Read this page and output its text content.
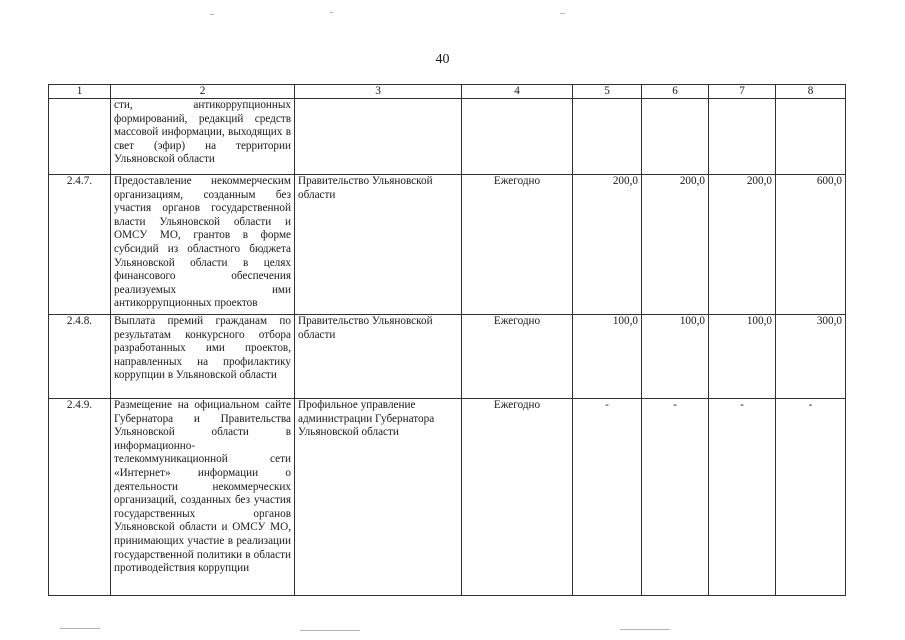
40
1	2	3	4	5	6	7	8
	сти, антикоррупционных формирований, редакций средств массовой информации, выходящих в свет (эфир) на территории Ульяновской области						
2.4.7.	Предоставление некоммерческим организациям, созданным без участия органов государственной власти Ульяновской области и ОМСУ МО, грантов в форме субсидий из областного бюджета Ульяновской области в целях финансового обеспечения реализуемых ими антикоррупционных проектов	Правительство Ульяновской области	Ежегодно	200,0	200,0	200,0	600,0
2.4.8.	Выплата премий гражданам по результатам конкурсного отбора разработанных ими проектов, направленных на профилактику коррупции в Ульяновской области	Правительство Ульяновской области	Ежегодно	100,0	100,0	100,0	300,0
2.4.9.	Размещение на официальном сайте Губернатора и Правительства Ульяновской области в информационно-телекоммуникационной сети «Интернет» информации о деятельности некоммерческих организаций, созданных без участия государственных органов Ульяновской области и ОМСУ МО, принимающих участие в реализации государственной политики в области противодействия коррупции	Профильное управление администрации Губернатора Ульяновской области	Ежегодно	-	-	-	-
